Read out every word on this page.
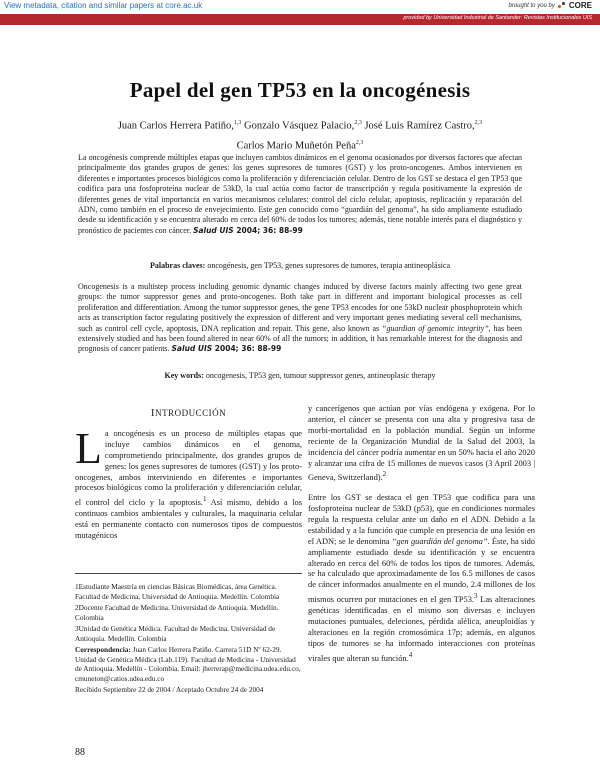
View metadata, citation and similar papers at core.ac.uk	brought to you by CORE
provided by Universidad Industrial de Santander: Revistas Institucionales UIS
Papel del gen TP53 en la oncogénesis
Juan Carlos Herrera Patiño,$^{1,3}$ Gonzalo Vásquez Palacio,$^{2,3}$ José Luis Ramírez Castro,$^{2,3}$
Carlos Mario Muñetón Peña$^{2,3}$
La oncogénesis comprende múltiples etapas que incluyen cambios dinámicos en el genoma ocasionados por diversos factores que afectan principalmente dos grandes grupos de genes: los genes supresores de tumores (GST) y los proto-oncogenes. Ambos intervienen en diferentes e importantes procesos biológicos como la proliferación y diferenciación celular. Dentro de los GST se destaca el gen TP53 que codifica para una fosfoproteína nuclear de 53kD, la cual actúa como factor de transcripción y regula positivamente la expresión de diferentes genes de vital importancia en varios mecanismos celulares: control del ciclo celular, apoptosis, replicación y reparación del ADN, como también en el proceso de envejecimiento. Este gen conocido como “guardián del genoma”, ha sido ampliamente estudiado desde su identificación y se encuentra alterado en cerca del 60% de todos los tumores; además, tiene notable interés para el diagnóstico y pronóstico de pacientes con cáncer. Salud UIS 2004; 36: 88-99
Palabras claves: oncogénesis, gen TP53, genes supresores de tumores, terapia antineoplásica
Oncogenesis is a multistep process including genomic dynamic changes induced by diverse factors mainly affecting two gene great groups: the tumor suppressor genes and proto-oncogenes. Both take part in different and important biological processes as cell proliferation and differentiation. Among the tumor suppressor genes, the gene TP53 encodes for one 53kD nuclear phosphoprotein which acts as transcription factor regulating positively the expression of different and very important genes mediating several cell mechanisms, such as control cell cycle, apoptosis, DNA replication and repair. This gene, also known as “guardian of genomic integrity”, has been extensively studied and has been found altered in near 60% of all the tumors; in addition, it has remarkable interest for the diagnosis and prognosis of cancer patients. Salud UIS 2004; 36: 88-99
Key words: oncogenesis, TP53 gen, tumour suppressor genes, antineoplasic therapy
INTRODUCCIÓN

La oncogénesis es un proceso de múltiples etapas que incluye cambios dinámicos en el genoma, comprometiendo principalmente, dos grandes grupos de genes: los genes supresores de tumores (GST) y los proto-oncogenes, ambos interviniendo en diferentes e importantes procesos biológicos como la proliferación y diferenciación celular, el control del ciclo y la apoptosis.$^1$ Así mismo, debido a los continuos cambios ambientales y culturales, la maquinaria celular está en permanente contacto con numerosos tipos de compuestos mutagénicos

y cancerígenos que actúan por vías endógena y exógena. Por lo anterior, el cáncer se presenta con una alta y progresiva tasa de morbi-mortalidad en la población mundial. Según un informe reciente de la Organización Mundial de la Salud del 2003, la incidencia del cáncer podría aumentar en un 50% hacia el año 2020 y alcanzar una cifra de 15 millones de nuevos casos (3 April 2003 | Geneva, Switzerland).$^2$

Entre los GST se destaca el gen TP53 que codifica para una fosfoproteína nuclear de 53kD (p53), que en condiciones normales regula la respuesta celular ante un daño en el ADN. Debido a la estabilidad y a la función que cumple en presencia de una lesión en el ADN; se le denomina “gen guardián del genoma”. Éste, ha sido ampliamente estudiado desde su identificación y se encuentra alterado en cerca del 60% de todos los tipos de tumores. Además, se ha calculado que aproximadamente de los 6.5 millones de casos de cáncer informados anualmente en el mundo, 2.4 millones de los mismos ocurren por mutaciones en el gen TP53.$^3$ Las alteraciones genéticas identificadas en el mismo son diversas e incluyen mutaciones puntuales, deleciones, pérdida alélica, aneuploidías y alteraciones en la región cromosómica 17p; además, en algunos tipos de tumores se ha informado interacciones con proteínas virales que alteran su función.$^4$

1Estudiante Maestría en ciencias Básicas Biomédicas, área Genética. Facultad de Medicina, Universidad de Antioquia. Medellín. Colombia

2Docente Facultad de Medicina. Universidad de Antioquia. Medellín. Colombia

3Unidad de Genética Médica. Facultad de Medicina. Universidad de Antioquia. Medellín. Colombia

Correspondencia: Juan Carlos Herrera Patiño. Carrera 51D Nº 62-29. Unidad de Genética Médica (Lab.119). Facultad de Medicina - Universidad de Antioquia. Medellín - Colombia. Email: jherrerap@medicina.udea.edu.co, cmuneton@catios.udea.edu.co

Recibido Septiembre 22 de 2004 / Aceptado Octubre 24 de 2004

88
